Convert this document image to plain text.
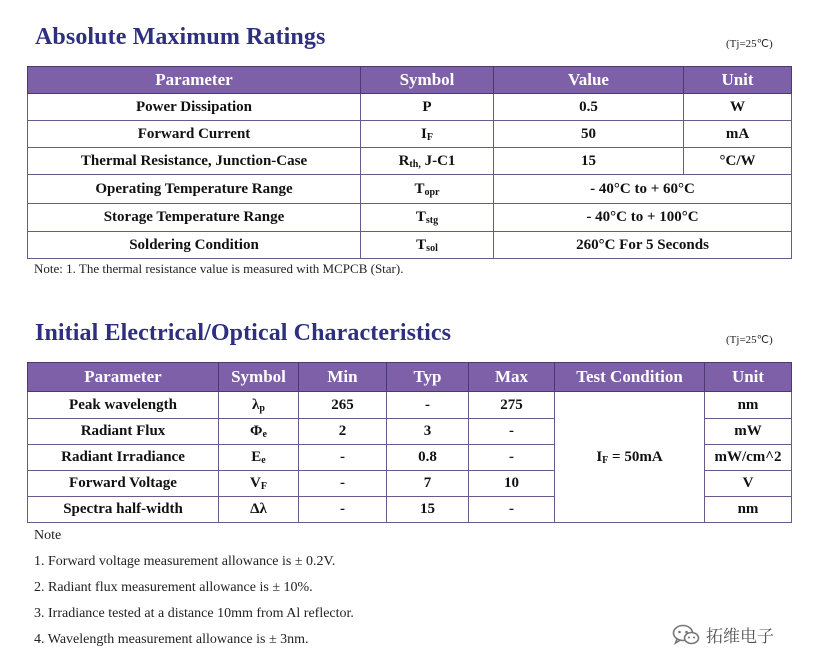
Absolute Maximum Ratings	(Tj=25℃)
Parameter	Symbol	Value	Unit
Power Dissipation	P	0.5	W
Forward Current	$I_F$	50	mA
Thermal Resistance, Junction-Case	$R_{th,}$ J-C1	15	°C/W
Operating Temperature Range	$T_{opr}$	- 40°C to + 60°C	
Storage Temperature Range	$T_{stg}$	- 40°C to + 100°C	
Soldering Condition	$T_{sol}$	260°C For 5 Seconds	
Note: 1. The thermal resistance value is measured with MCPCB (Star).
Initial Electrical/Optical Characteristics	(Tj=25℃)
Parameter	Symbol	Min	Typ	Max	Test Condition	Unit
Peak wavelength	$\lambda_p$	265	-	275	$I_F = 50mA$	nm
Radiant Flux	$\Phi_e$	2	3	-		mW
Radiant Irradiance	$E_e$	-	0.8	-		mW/cm^2
Forward Voltage	$V_F$	-	7	10		V
Spectra half-width	Δλ	-	15	-		nm
Note
1. Forward voltage measurement allowance is ± 0.2V.
2. Radiant flux measurement allowance is ± 10%.
3. Irradiance tested at a distance 10mm from Al reflector.
4. Wavelength measurement allowance is ± 3nm.	拓维电子
